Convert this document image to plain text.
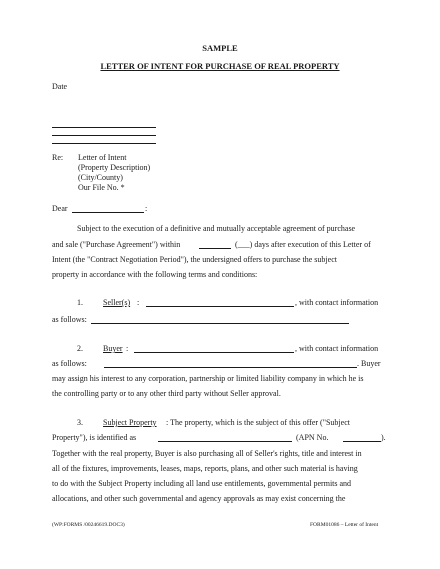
SAMPLE
LETTER OF INTENT FOR PURCHASE OF REAL PROPERTY
Date
Re: Letter of Intent
(Property Description)
(City/County)
Our File No. *
Dear	:
Subject to the execution of a definitive and mutually acceptable agreement of purchase
and sale ("Purchase Agreement") within	(___) days after execution of this Letter of
Intent (the "Contract Negotiation Period"), the undersigned offers to purchase the subject
property in accordance with the following terms and conditions:
1.	Seller(s) :	, with contact information
as follows:
2.	Buyer :	, with contact information
as follows:	. Buyer
may assign his interest to any corporation, partnership or limited liability company in which he is
the controlling party or to any other third party without Seller approval.
3.	Subject Property : The property, which is the subject of this offer ("Subject
Property"), is identified as	(APN No.	).
Together with the real property, Buyer is also purchasing all of Seller's rights, title and interest in
all of the fixtures, improvements, leases, maps, reports, plans, and other such material is having
to do with the Subject Property including all land use entitlements, governmental permits and
allocations, and other such governmental and agency approvals as may exist concerning the
(WP:FORMS /00246619.DOC3)	FORM01086 – Letter of Intent
